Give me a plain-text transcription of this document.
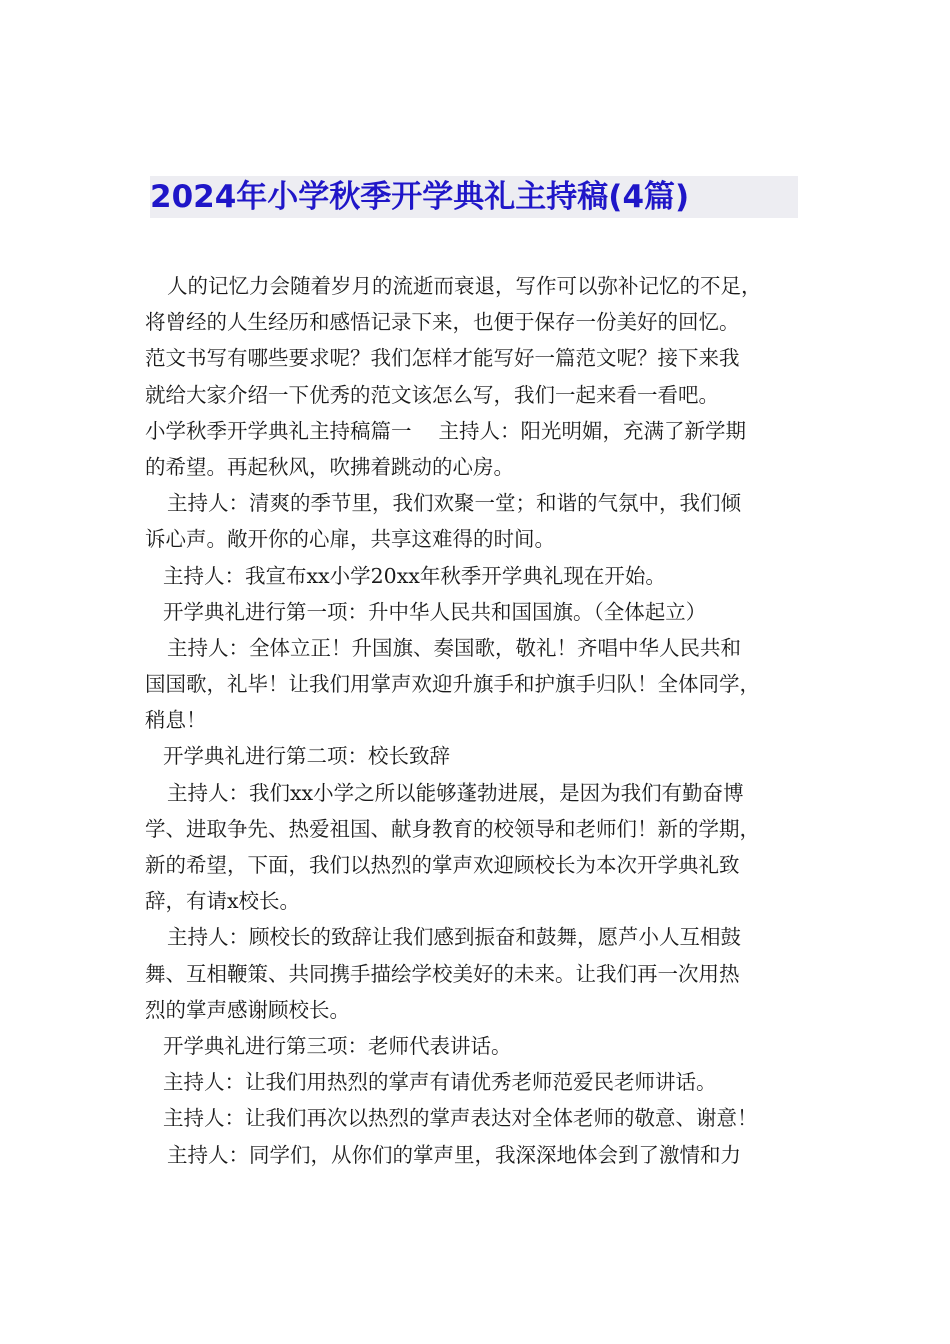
2024年小学秋季开学典礼主持稿(4篇)
人的记忆力会随着岁月的流逝而衰退，写作可以弥补记忆的不足，
将曾经的人生经历和感悟记录下来，也便于保存一份美好的回忆。
范文书写有哪些要求呢？我们怎样才能写好一篇范文呢？接下来我
就给大家介绍一下优秀的范文该怎么写，我们一起来看一看吧。
小学秋季开学典礼主持稿篇一　 主持人：阳光明媚，充满了新学期
的希望。再起秋风，吹拂着跳动的心房。
主持人：清爽的季节里，我们欢聚一堂；和谐的气氛中，我们倾
诉心声。敞开你的心扉，共享这难得的时间。
主持人：我宣布xx小学20xx年秋季开学典礼现在开始。
开学典礼进行第一项：升中华人民共和国国旗。（全体起立）
主持人：全体立正！升国旗、奏国歌，敬礼！齐唱中华人民共和
国国歌，礼毕！让我们用掌声欢迎升旗手和护旗手归队！全体同学，
稍息！
开学典礼进行第二项：校长致辞
主持人：我们xx小学之所以能够蓬勃进展，是因为我们有勤奋博
学、进取争先、热爱祖国、献身教育的校领导和老师们！新的学期，
新的希望，下面，我们以热烈的掌声欢迎顾校长为本次开学典礼致
辞，有请x校长。
主持人：顾校长的致辞让我们感到振奋和鼓舞，愿芦小人互相鼓
舞、互相鞭策、共同携手描绘学校美好的未来。让我们再一次用热
烈的掌声感谢顾校长。
开学典礼进行第三项：老师代表讲话。
主持人：让我们用热烈的掌声有请优秀老师范爱民老师讲话。
主持人：让我们再次以热烈的掌声表达对全体老师的敬意、谢意！
主持人：同学们，从你们的掌声里，我深深地体会到了激情和力
